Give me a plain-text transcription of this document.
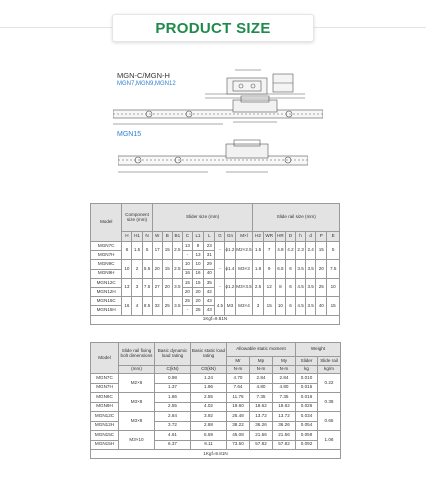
PRODUCT SIZE
MGN-C/MGN-H
MGN7,MGN9,MGN12
MGN15
Model	Component size (mm)			Slider size (mm)									Slide rail size (mm)							
	H	H1	N	W	B	B1	C	L1	L	G	Gn	M×l	H2	WR	HR	D	h	d	P	E
MGN7C	8	1.5	5	17	15	2.5	13	8	23	-	ϕ1.2	M2×2.5	1.5	7	4.8	4.2	2.3	2.4	15	5
MGN7H							-	13	31											
MGN9C	10	2	5.5	20	15	2.5	10	10	29	-	ϕ1.4	M3×3	1.8	9	6.5	6	3.5	3.5	20	7.5
MGN9H							16	16	40											
MGN12C	13	3	7.5	27	20	3.5	15	15	35	-	ϕ1.2	M3×3.5	2.5	12	8	6	4.5	3.5	25	10
MGN12H							20	20	42											
MGN15C	16	4	8.5	32	25	3.5	25	20	43	4.5	M3	M3×4	3	15	10	6	4.5	3.5	40	15
MGN15H							-	25	43											
1Kgf=9.81N																				
Model	Slide rail fixing bolt dimensions	Basic dynamic load rating	Basic static load rating	Allowable static moment			Weight	
				Mr	Mp	My	Slider	Slide rail
	(mm)	C(kN)	C0(kN)	N-m	N-m	N-m	kg	kg/m
MGN7C	M2×6	0.98	1.24	4.70	2.84	2.84	0.010	0.22
MGN7H		1.37	1.96	7.64	4.80	4.80	0.015	
MGN9C	M3×8	1.86	2.55	11.76	7.35	7.35	0.016	0.38
MGN9H		2.55	4.02	19.60	18.62	18.62	0.026	
MGN12C	M3×8	2.84	3.92	25.48	13.72	13.72	0.034	0.65
MGN12H		3.72	2.88	38.22	36.26	36.26	0.054	
MGN15C	M3×10	4.61	5.59	45.08	21.56	21.56	0.059	1.06
MGN15H		6.37	9.11	73.50	57.82	57.82	0.092	
1Kgf=9.81N								
